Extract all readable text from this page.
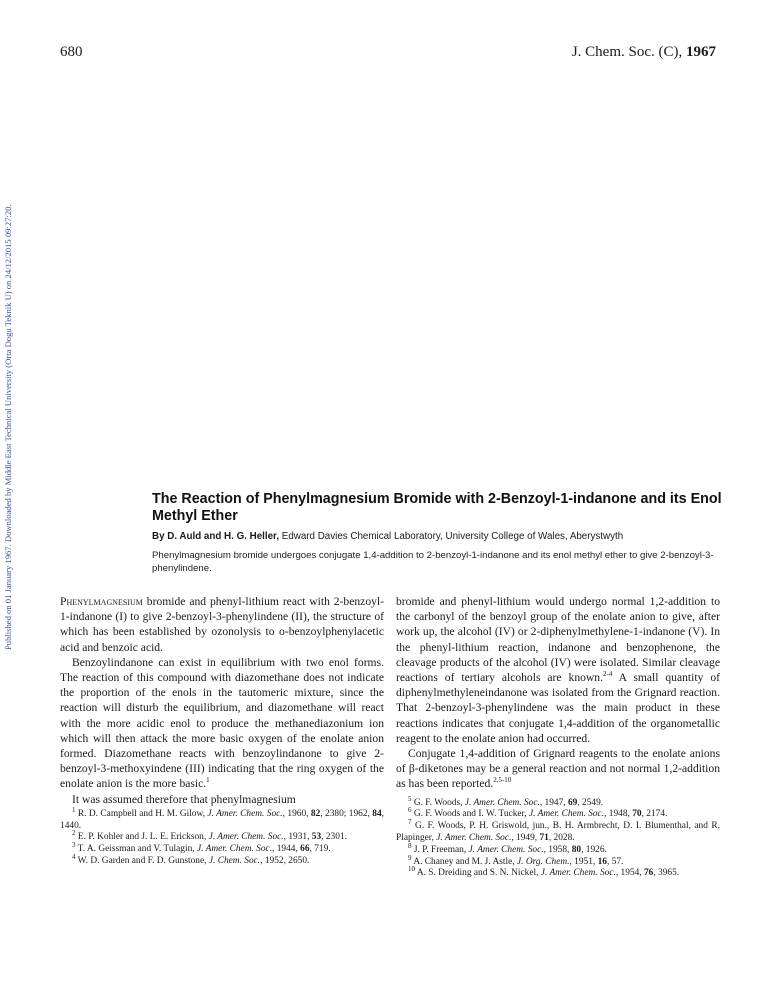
680	J. Chem. Soc. (C), 1967
Published on 01 January 1967. Downloaded by Middle East Technical University (Orta Dogu Teknik U) on 24/12/2015 09:27:20.	The Reaction of Phenylmagnesium Bromide with 2-Benzoyl-1-indanone and its Enol Methyl Ether
By D. Auld and H. G. Heller, Edward Davies Chemical Laboratory, University College of Wales, Aberystwyth
Phenylmagnesium bromide undergoes conjugate 1,4-addition to 2-benzoyl-1-indanone and its enol methyl ether to give 2-benzoyl-3-phenylindene.

Phenylmagnesium bromide and phenyl-lithium react with 2-benzoyl-1-indanone (I) to give 2-benzoyl-3-phenylindene (II), the structure of which has been established by ozonolysis to o-benzoylphenylacetic acid and benzoic acid.

Benzoylindanone can exist in equilibrium with two enol forms. The reaction of this compound with diazomethane does not indicate the proportion of the enols in the tautomeric mixture, since the reaction will disturb the equilibrium, and diazomethane will react with the more acidic enol to produce the methanediazonium ion which will then attack the more basic oxygen of the enolate anion formed. Diazomethane reacts with benzoylindanone to give 2-benzoyl-3-methoxyindene (III) indicating that the ring oxygen of the enolate anion is the more basic.$^1$

It was assumed therefore that phenylmagnesium

$^1$ R. D. Campbell and H. M. Gilow, J. Amer. Chem. Soc., 1960, 82, 2380; 1962, 84, 1440.

$^2$ E. P. Kohler and J. L. E. Erickson, J. Amer. Chem. Soc., 1931, 53, 2301.

$^3$ T. A. Geissman and V. Tulagin, J. Amer. Chem. Soc., 1944, 66, 719.

$^4$ W. D. Garden and F. D. Gunstone, J. Chem. Soc., 1952, 2650.

bromide and phenyl-lithium would undergo normal 1,2-addition to the carbonyl of the benzoyl group of the enolate anion to give, after work up, the alcohol (IV) or 2-diphenylmethylene-1-indanone (V). In the phenyl-lithium reaction, indanone and benzophenone, the cleavage products of the alcohol (IV) were isolated. Similar cleavage reactions of tertiary alcohols are known.$^{2-4}$ A small quantity of diphenylmethyleneindanone was isolated from the Grignard reaction. That 2-benzoyl-3-phenylindene was the main product in these reactions indicates that conjugate 1,4-addition of the organometallic reagent to the enolate anion had occurred.

Conjugate 1,4-addition of Grignard reagents to the enolate anions of β-diketones may be a general reaction and not normal 1,2-addition as has been reported.$^{2,5-10}$

$^5$ G. F. Woods, J. Amer. Chem. Soc., 1947, 69, 2549.

$^6$ G. F. Woods and I. W. Tucker, J. Amer. Chem. Soc., 1948, 70, 2174.

$^7$ G. F. Woods, P. H. Griswold, jun., B. H. Armbrecht, D. I. Blumenthal, and R. Plapinger, J. Amer. Chem. Soc., 1949, 71, 2028.

$^8$ J. P. Freeman, J. Amer. Chem. Soc., 1958, 80, 1926.

$^9$ A. Chaney and M. J. Astle, J. Org. Chem., 1951, 16, 57.

$^{10}$ A. S. Dreiding and S. N. Nickel, J. Amer. Chem. Soc., 1954, 76, 3965.
